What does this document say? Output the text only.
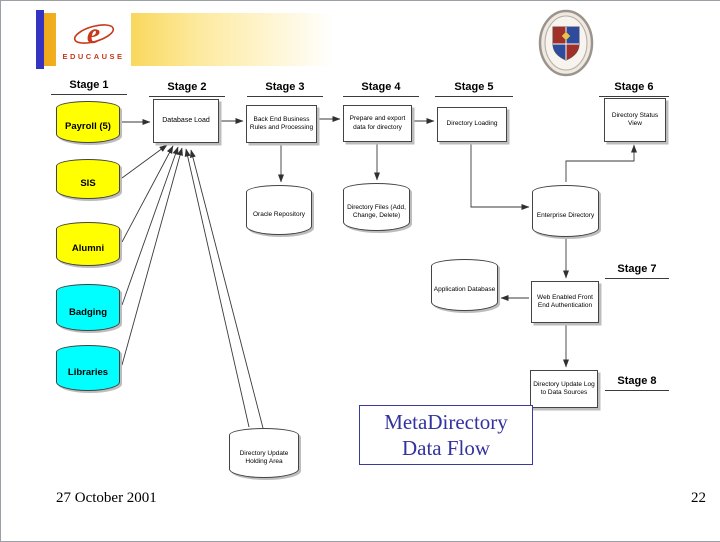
e
EDUCAUSE
Stage 1	Stage 2	Stage 3	Stage 4	Stage 5	Stage 6
Stage 7
Stage 8
Payroll (5)
SIS
Alumni
Badging
Libraries
Database Load	Back End Business Rules and Processing
Prepare and export data for directory	Directory Loading
Directory Status View
Oracle Repository
Directory Files (Add, Change, Delete)	Enterprise Directory
Application Database
Directory Update Holding Area
Web Enabled Front End Authentication
Directory Update Log to Data Sources
MetaDirectory
Data Flow
27 October 2001	22
